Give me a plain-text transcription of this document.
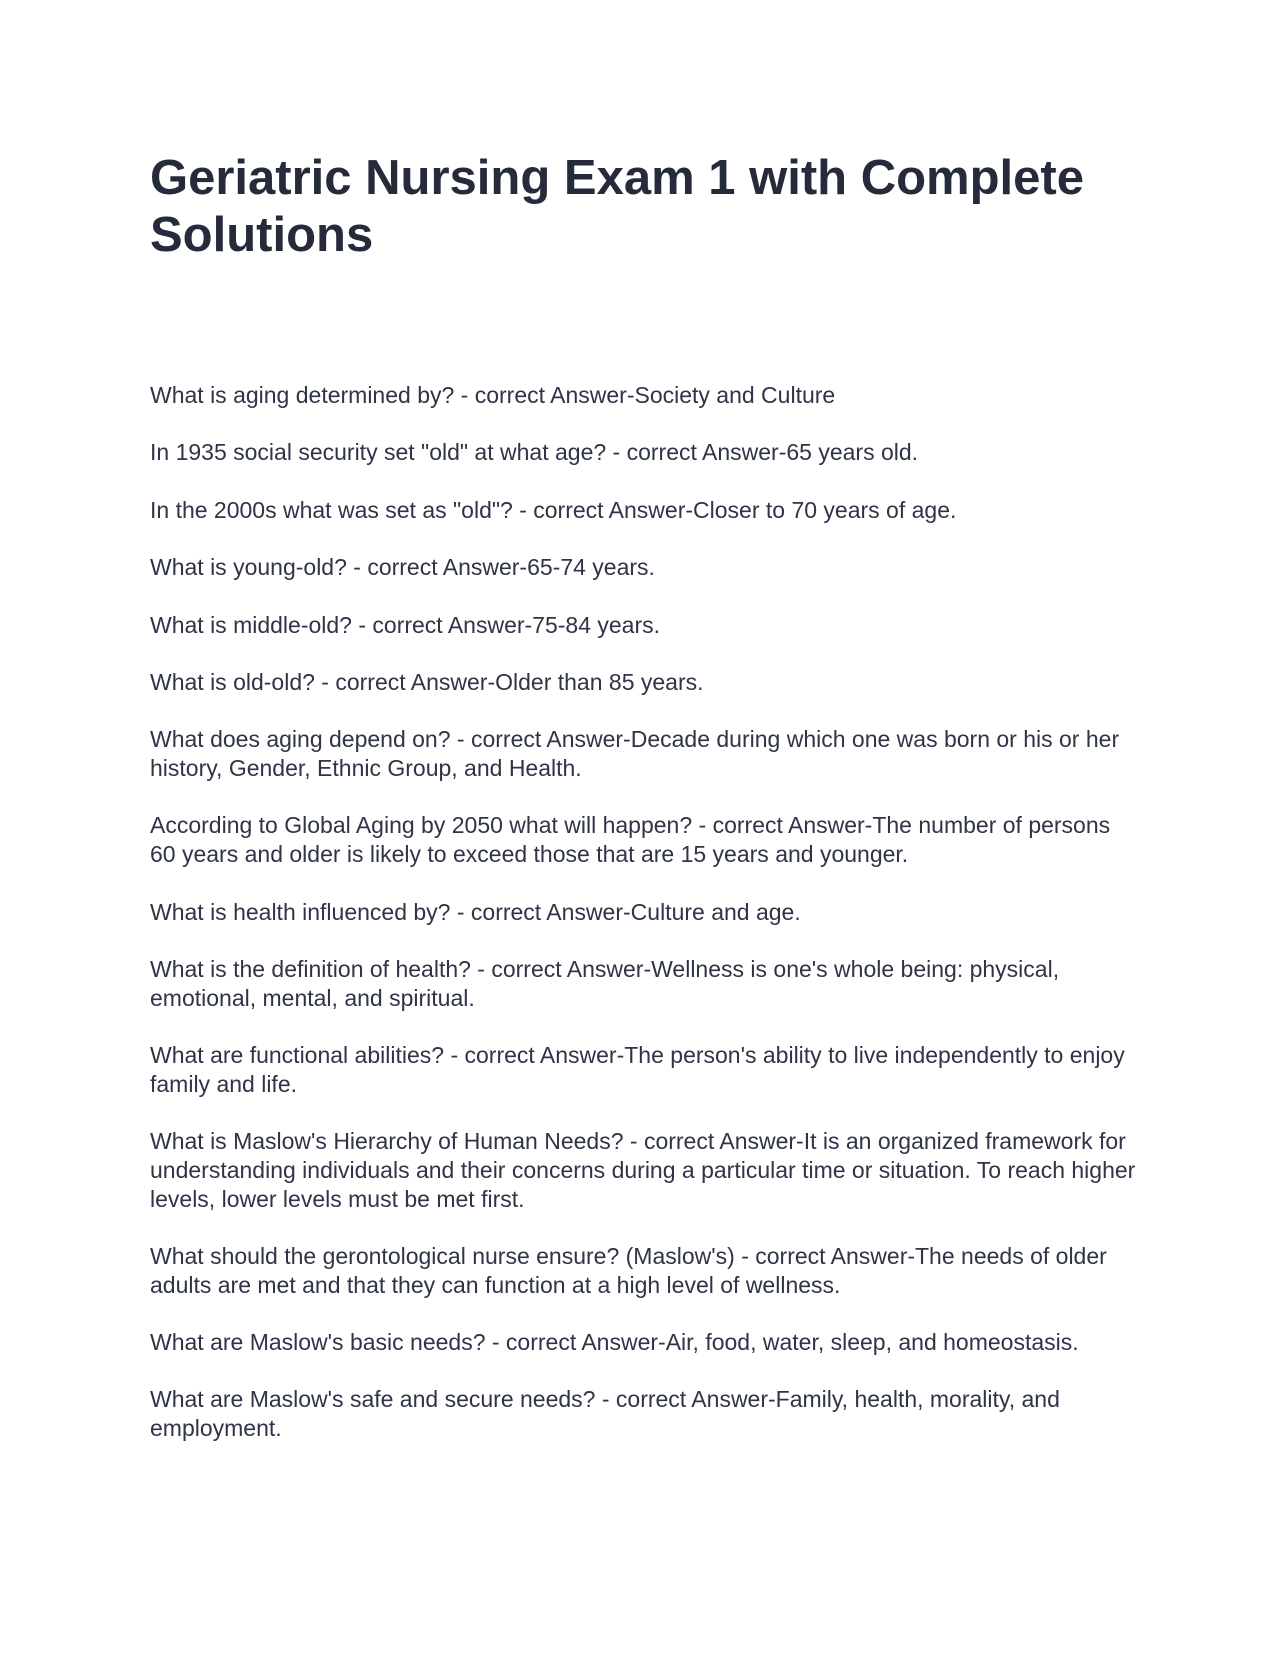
Geriatric Nursing Exam 1 with Complete Solutions
What is aging determined by? - correct Answer-Society and Culture
In 1935 social security set "old" at what age? - correct Answer-65 years old.
In the 2000s what was set as "old"? - correct Answer-Closer to 70 years of age.
What is young-old? - correct Answer-65-74 years.
What is middle-old? - correct Answer-75-84 years.
What is old-old? - correct Answer-Older than 85 years.
What does aging depend on? - correct Answer-Decade during which one was born or his or her history, Gender, Ethnic Group, and Health.
According to Global Aging by 2050 what will happen? - correct Answer-The number of persons 60 years and older is likely to exceed those that are 15 years and younger.
What is health influenced by? - correct Answer-Culture and age.
What is the definition of health? - correct Answer-Wellness is one's whole being: physical, emotional, mental, and spiritual.
What are functional abilities? - correct Answer-The person's ability to live independently to enjoy family and life.
What is Maslow's Hierarchy of Human Needs? - correct Answer-It is an organized framework for understanding individuals and their concerns during a particular time or situation. To reach higher levels, lower levels must be met first.
What should the gerontological nurse ensure? (Maslow's) - correct Answer-The needs of older adults are met and that they can function at a high level of wellness.
What are Maslow's basic needs? - correct Answer-Air, food, water, sleep, and homeostasis.
What are Maslow's safe and secure needs? - correct Answer-Family, health, morality, and employment.
